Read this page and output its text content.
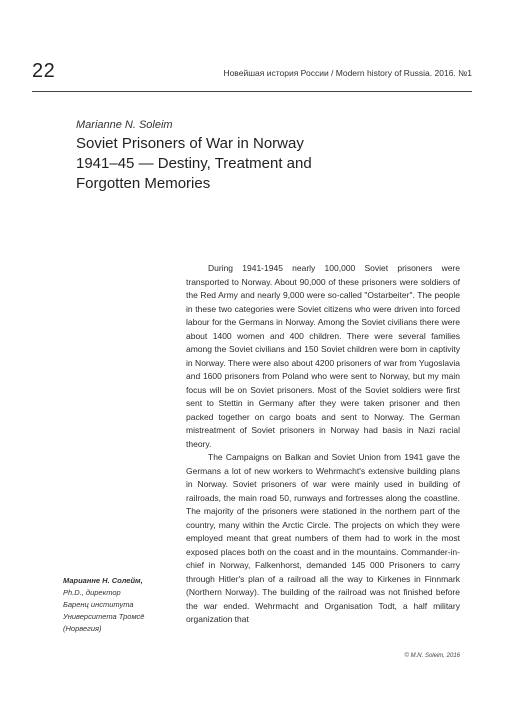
22	Новейшая история России / Modern history of Russia. 2016. №1
Marianne N. Soleim
Soviet Prisoners of War in Norway
1941–45 — Destiny, Treatment and
Forgotten Memories

During 1941-1945 nearly 100,000 Soviet prisoners were transported to Norway. About 90,000 of these prisoners were soldiers of the Red Army and nearly 9,000 were so-called "Ostarbeiter". The people in these two categories were Soviet citizens who were driven into forced labour for the Germans in Norway. Among the Soviet civilians there were about 1400 women and 400 children. There were several families among the Soviet civilians and 150 Soviet children were born in captivity in Norway. There were also about 4200 prisoners of war from Yugoslavia and 1600 prisoners from Poland who were sent to Norway, but my main focus will be on Soviet prisoners. Most of the Soviet soldiers were first sent to Stettin in Germany after they were taken prisoner and then packed together on cargo boats and sent to Norway. The German mistreatment of Soviet prisoners in Norway had basis in Nazi racial theory.

The Campaigns on Balkan and Soviet Union from 1941 gave the Germans a lot of new workers to Wehrmacht's extensive building plans in Norway. Soviet prisoners of war were mainly used in building of railroads, the main road 50, runways and fortresses along the coastline. The majority of the prisoners were stationed in the northern part of the country, many within the Arctic Circle. The projects on which they were employed meant that great numbers of them had to work in the most exposed places both on the coast and in the mountains. Commander-in-chief in Norway, Falkenhorst, demanded 145 000 Prisoners to carry through Hitler's plan of a railroad all the way to Kirkenes in Finnmark (Northern Norway). The building of the railroad was not finished before the war ended. Wehrmacht and Organisation Todt, a half military organization that

Марианне Н. Солейм,
Ph.D., директор
Баренц института
Университета Тромсё
(Норвегия)
© M.N. Soleim, 2016
